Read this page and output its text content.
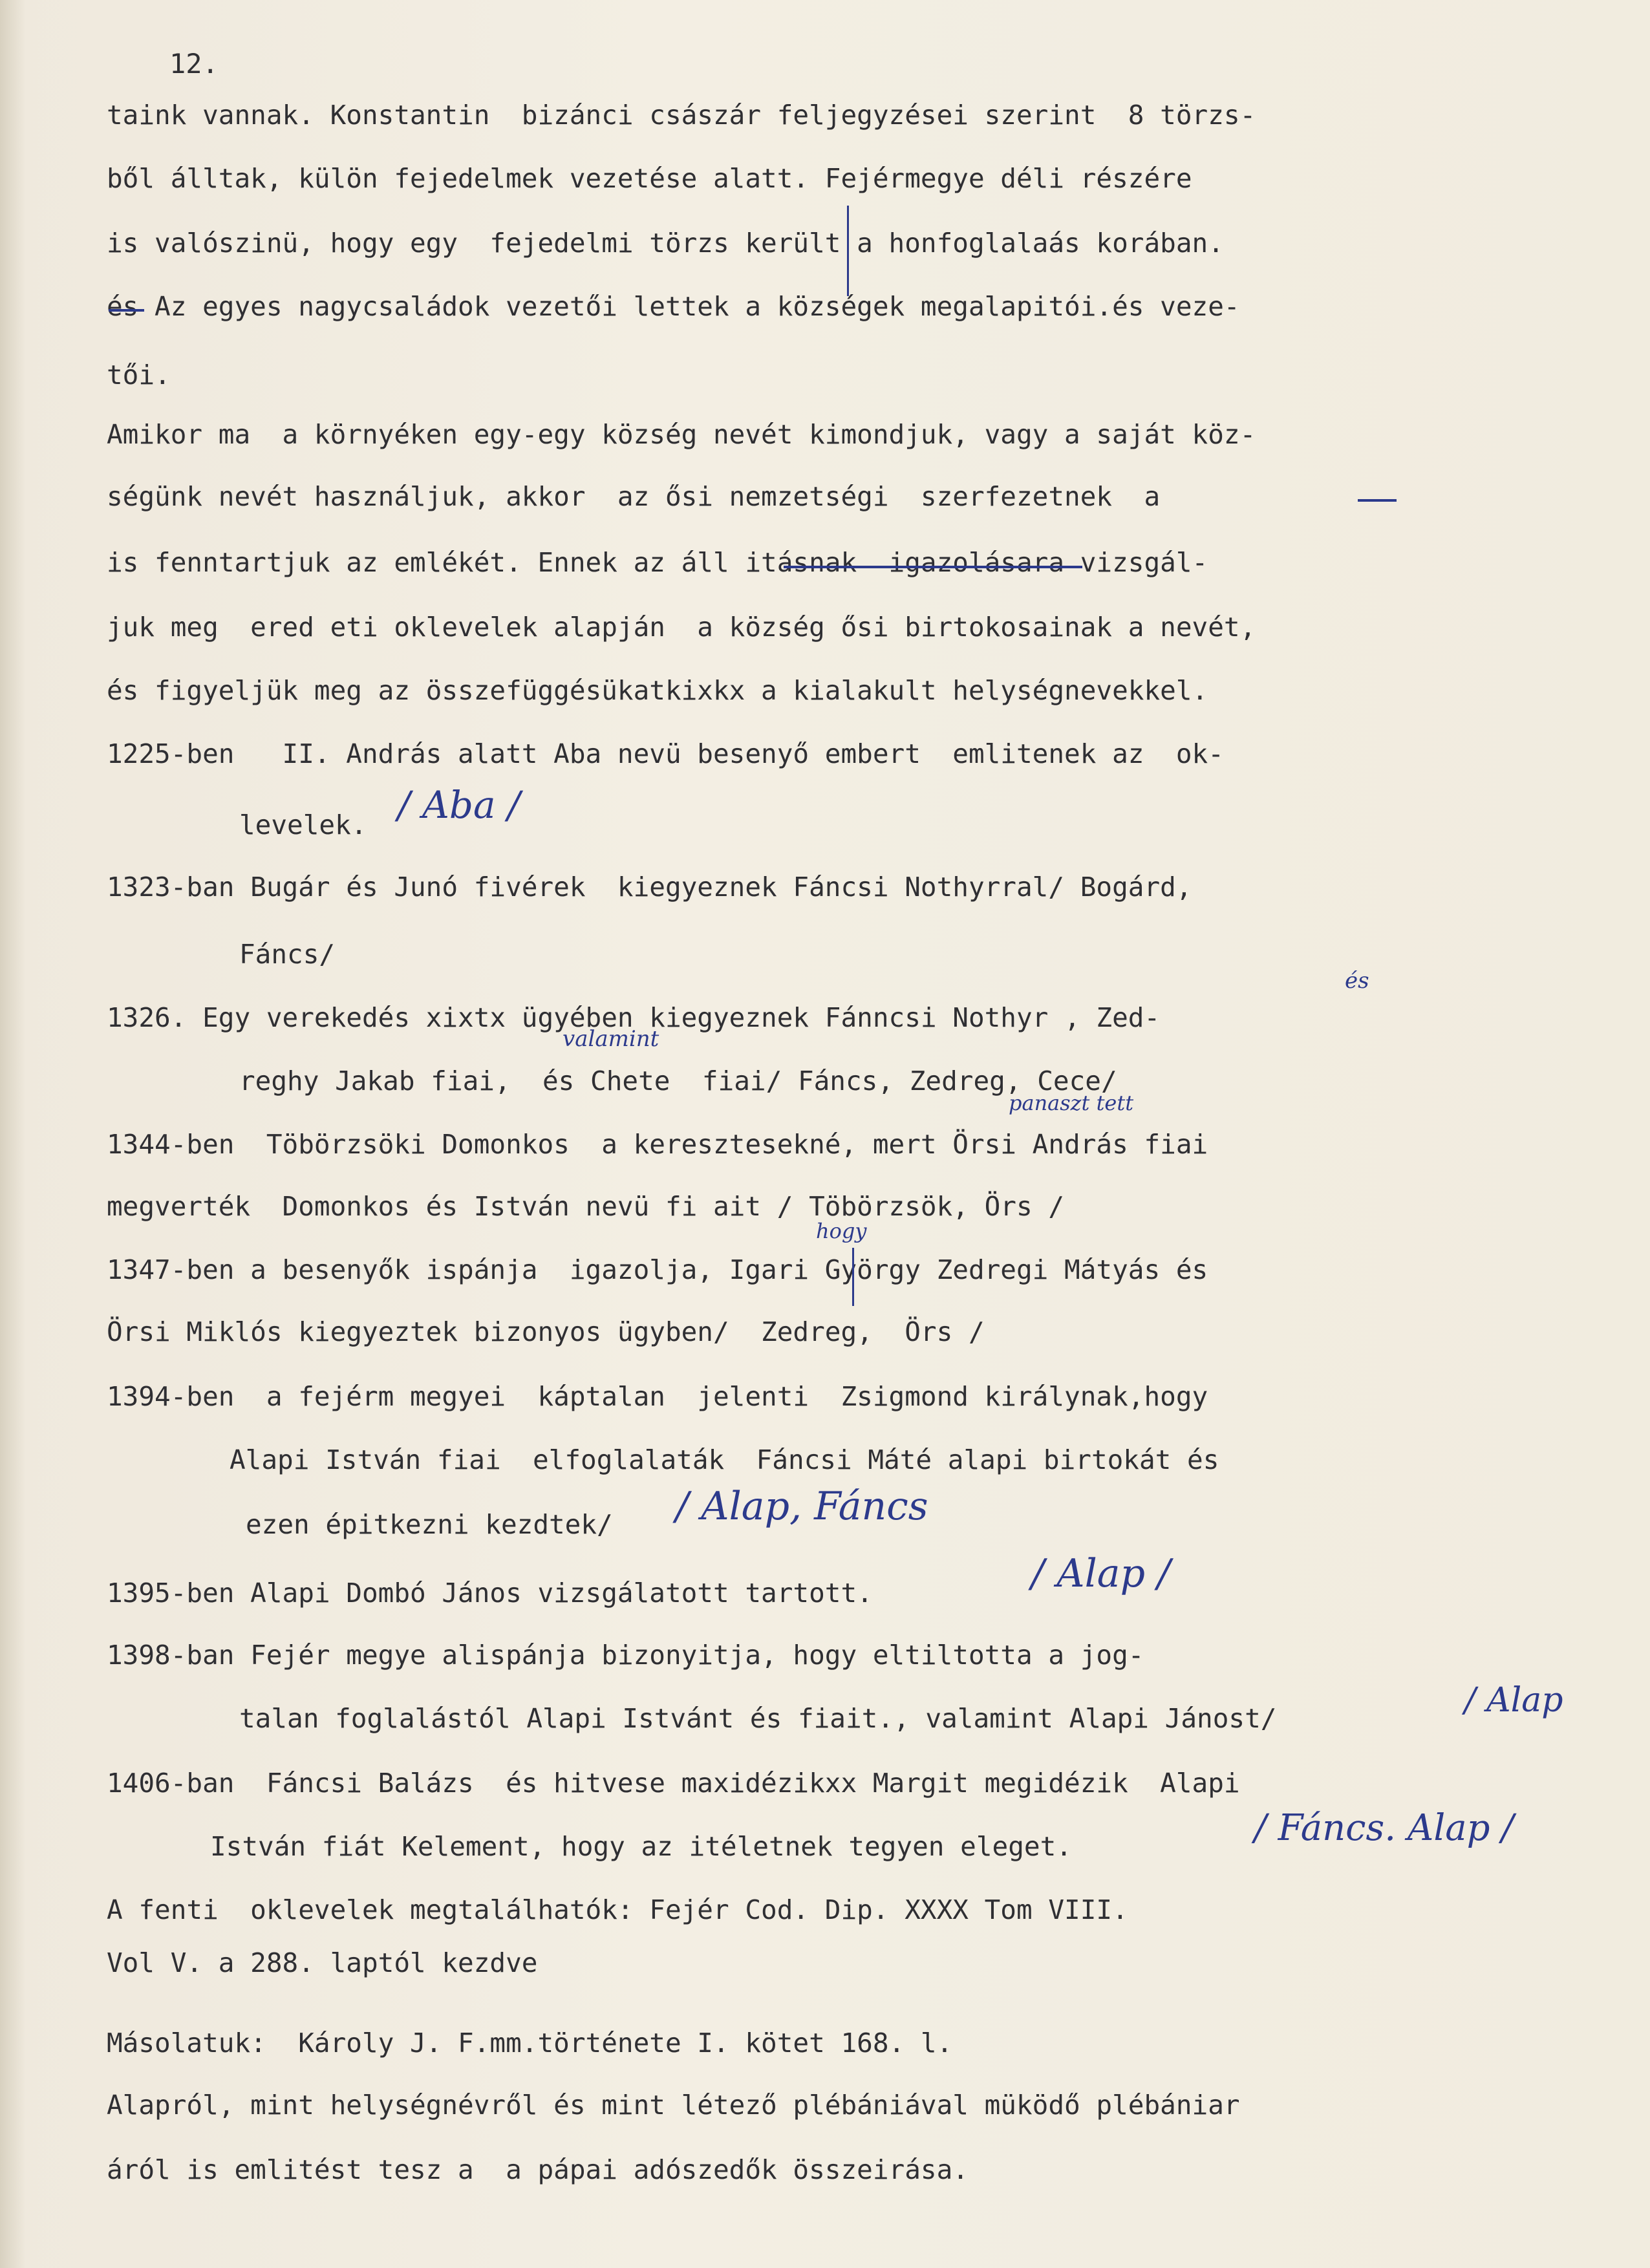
12.
taink vannak. Konstantin  bizánci császár feljegyzései szerint  8 törzs-
ből álltak, külön fejedelmek vezetése alatt. Fejérmegye déli részére
is valószinü, hogy egy  fejedelmi törzs került a honfoglalaás korában.
és Az egyes nagycsaládok vezetői lettek a községek megalapitói.és veze-
tői.
Amikor ma  a környéken egy-egy község nevét kimondjuk, vagy a saját köz-
ségünk nevét használjuk, akkor  az ősi nemzetségi  szerfezetnek  a
is fenntartjuk az emlékét. Ennek az áll itásnak  igazolásara vizsgál-
juk meg  ered eti oklevelek alapján  a község ősi birtokosainak a nevét,
és figyeljük meg az összefüggésükatkixkx a kialakult helységnevekkel.
1225-ben   II. András alatt Aba nevü besenyő embert  emlitenek az  ok-
levelek.
1323-ban Bugár és Junó fivérek  kiegyeznek Fáncsi Nothyrral/ Bogárd,
Fáncs/
1326. Egy verekedés xixtx ügyében kiegyeznek Fánncsi Nothyr , Zed-
reghy Jakab fiai,  és Chete  fiai/ Fáncs, Zedreg, Cece/
1344-ben  Töbörzsöki Domonkos  a keresztesekné, mert Örsi András fiai
megverték  Domonkos és István nevü fi ait / Töbörzsök, Örs /
1347-ben a besenyők ispánja  igazolja, Igari György Zedregi Mátyás és
Örsi Miklós kiegyeztek bizonyos ügyben/  Zedreg,  Örs /
1394-ben  a fejérm megyei  káptalan  jelenti  Zsigmond királynak,hogy
Alapi István fiai  elfoglalaták  Fáncsi Máté alapi birtokát és
ezen épitkezni kezdtek/
1395-ben Alapi Dombó János vizsgálatott tartott.
1398-ban Fejér megye alispánja bizonyitja, hogy eltiltotta a jog-
talan foglalástól Alapi Istvánt és fiait., valamint Alapi Jánost/
1406-ban  Fáncsi Balázs  és hitvese maxidézikxx Margit megidézik  Alapi
István fiát Kelement, hogy az itéletnek tegyen eleget.
A fenti  oklevelek megtalálhatók: Fejér Cod. Dip. XXXX Tom VIII.
Vol V. a 288. laptól kezdve
Másolatuk:  Károly J. F.mm.története I. kötet 168. l.
Alapról, mint helységnévről és mint létező plébániával müködő plébániar
áról is emlitést tesz a  a pápai adószedők összeirása.
/ Aba /
/ Alap, Fáncs
/ Alap /
/ Alap
/ Fáncs. Alap /
valamint
és
panaszt tett
hogy
